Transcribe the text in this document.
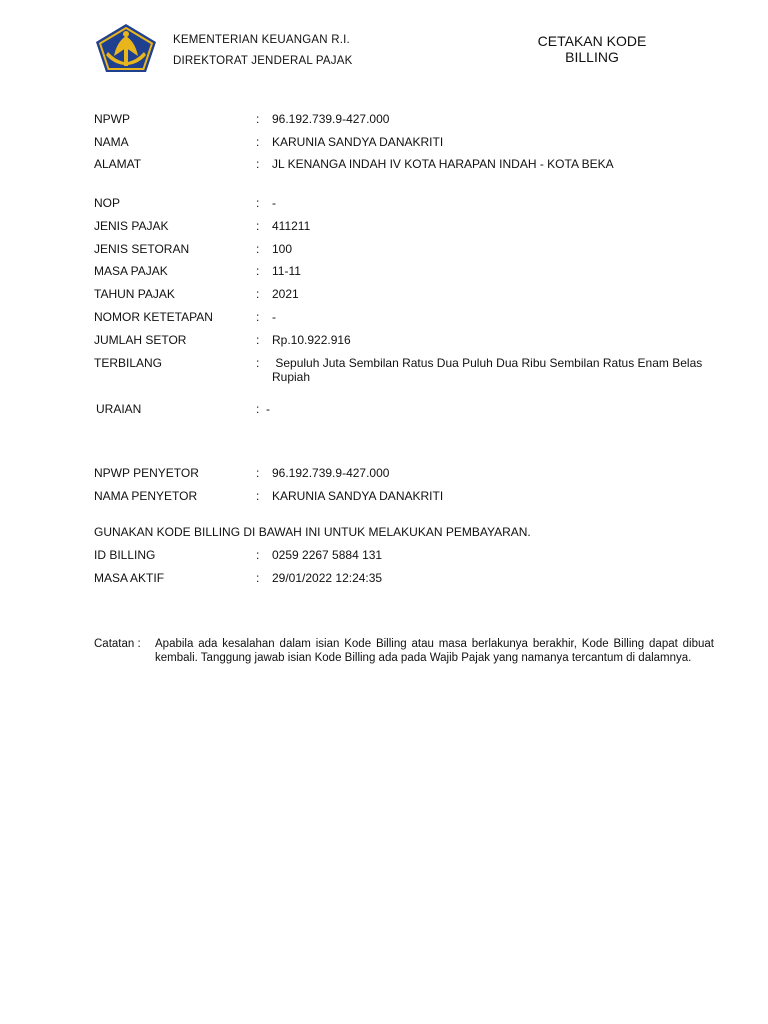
KEMENTERIAN KEUANGAN R.I.
DIREKTORAT JENDERAL PAJAK
CETAKAN KODE
BILLING
NPWP	: 96.192.739.9-427.000
NAMA	: KARUNIA SANDYA DANAKRITI
ALAMAT	: JL KENANGA INDAH IV KOTA HARAPAN INDAH - KOTA BEKA
NOP	: -
JENIS PAJAK	: 411211
JENIS SETORAN	: 100
MASA PAJAK	: 11-11
TAHUN PAJAK	: 2021
NOMOR KETETAPAN	: -
JUMLAH SETOR	: Rp.10.922.916
TERBILANG	: Sepuluh Juta Sembilan Ratus Dua Puluh Dua Ribu Sembilan Ratus Enam Belas Rupiah
URAIAN	: -
NPWP PENYETOR	: 96.192.739.9-427.000
NAMA PENYETOR	: KARUNIA SANDYA DANAKRITI
GUNAKAN KODE BILLING DI BAWAH INI UNTUK MELAKUKAN PEMBAYARAN.
ID BILLING	: 0259 2267 5884 131
MASA AKTIF	: 29/01/2022 12:24:35
Catatan : Apabila ada kesalahan dalam isian Kode Billing atau masa berlakunya berakhir, Kode Billing dapat dibuat kembali. Tanggung jawab isian Kode Billing ada pada Wajib Pajak yang namanya tercantum di dalamnya.
